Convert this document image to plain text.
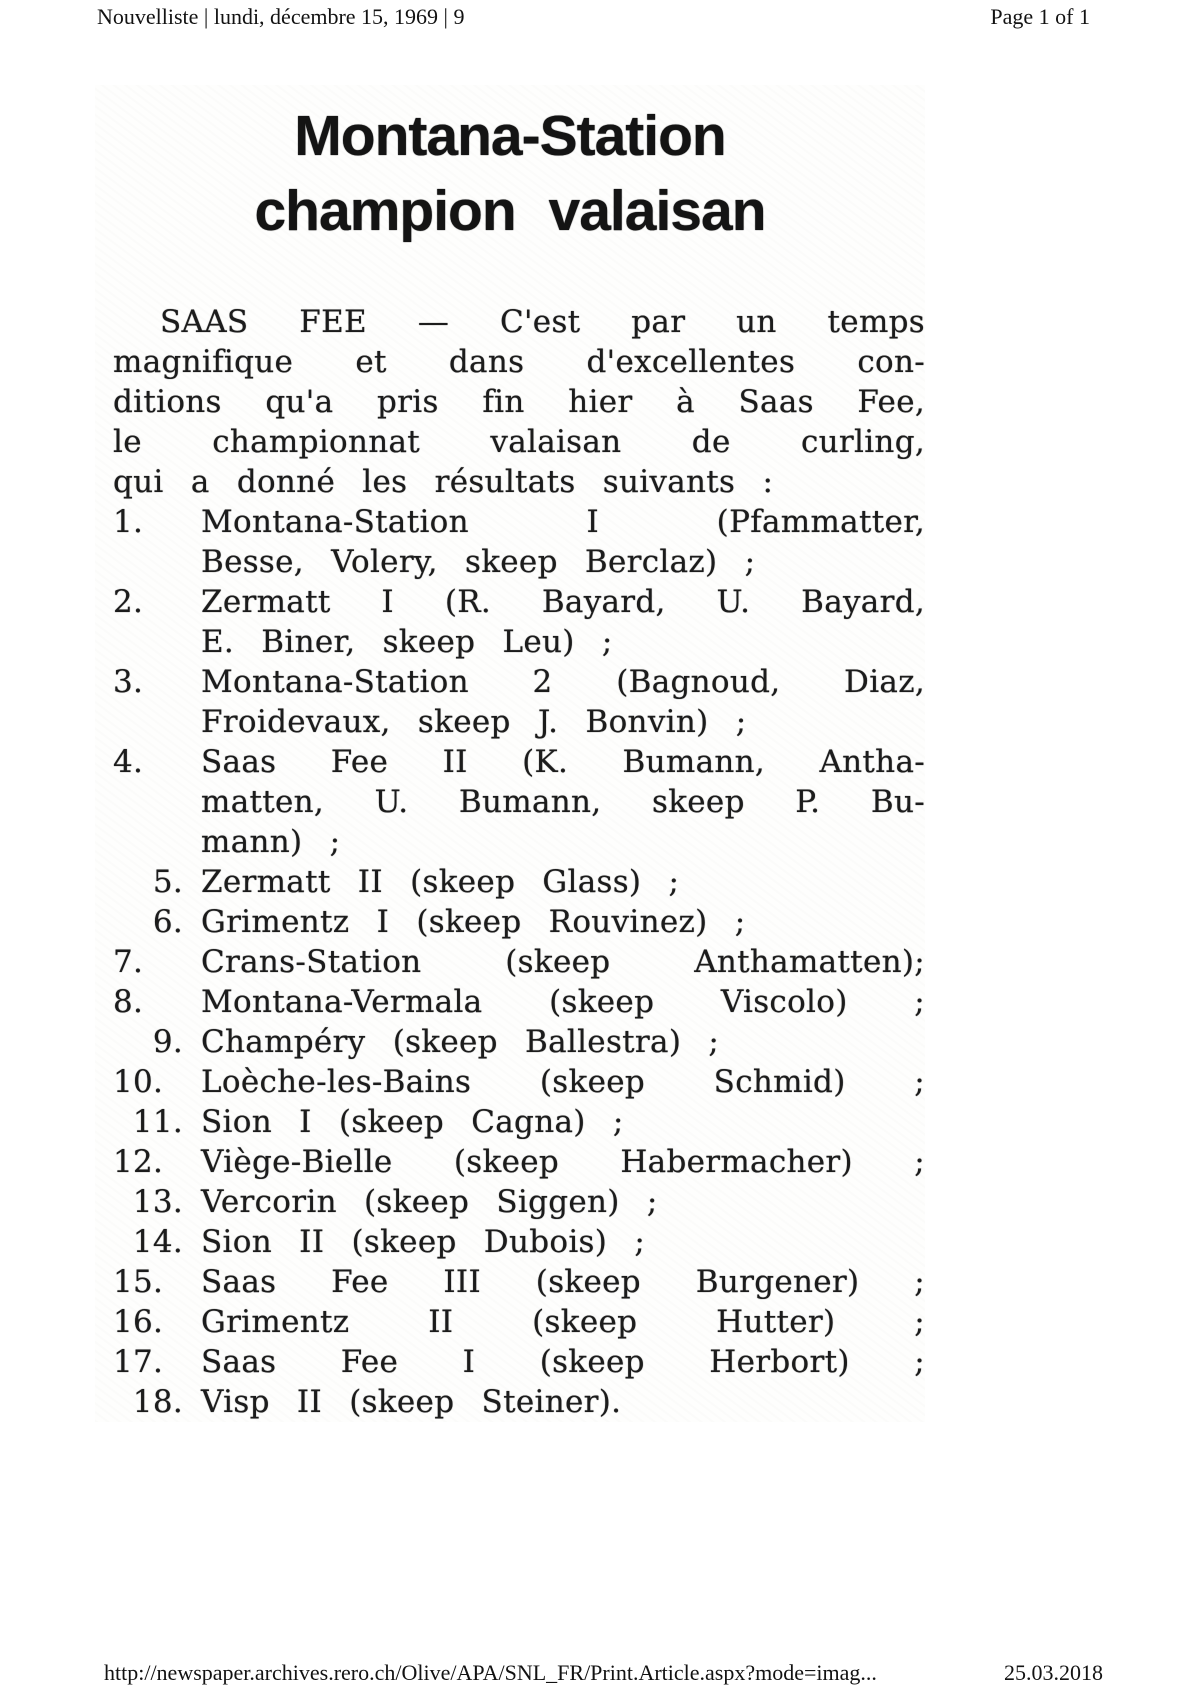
Nouvelliste | lundi, décembre 15, 1969 | 9	Page 1 of 1
Montana-Station
champion valaisan
SAAS FEE — C'est par un temps
magnifique et dans d'excellentes con-
ditions qu'a pris fin hier à Saas Fee,
le championnat valaisan de curling,
qui a donné les résultats suivants :
1.	Montana-Station I (Pfammatter,
Besse, Volery, skeep Berclaz) ;
2.	Zermatt I (R. Bayard, U. Bayard,
E. Biner, skeep Leu) ;
3.	Montana-Station 2 (Bagnoud, Diaz,
Froidevaux, skeep J. Bonvin) ;
4.	Saas Fee II (K. Bumann, Antha-
matten, U. Bumann, skeep P. Bu-
mann) ;
5. Zermatt II (skeep Glass) ;
6. Grimentz I (skeep Rouvinez) ;
7.	Crans-Station (skeep Anthamatten);
8.	Montana-Vermala (skeep Viscolo) ;
9. Champéry (skeep Ballestra) ;
10.	Loèche-les-Bains (skeep Schmid) ;
11. Sion I (skeep Cagna) ;
12.	Viège-Bielle (skeep Habermacher) ;
13. Vercorin (skeep Siggen) ;
14. Sion II (skeep Dubois) ;
15.	Saas Fee III (skeep Burgener) ;
16.	Grimentz II (skeep Hutter) ;
17.	Saas Fee I (skeep Herbort) ;
18. Visp II (skeep Steiner).
http://newspaper.archives.rero.ch/Olive/APA/SNL_FR/Print.Article.aspx?mode=imag...	25.03.2018
